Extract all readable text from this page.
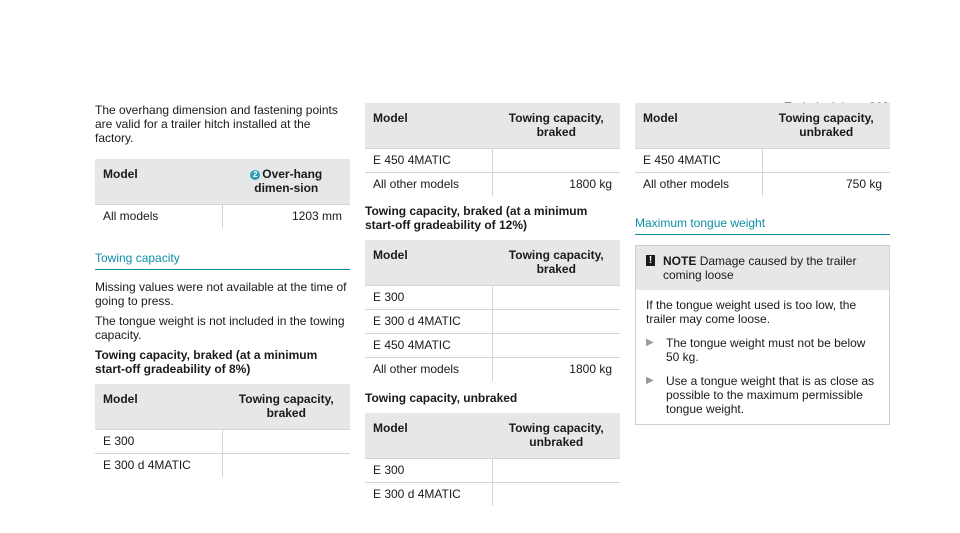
The overhang dimension and fastening points are valid for a trailer hitch installed at the factory.

Model	2 Over-hang dimen-sion
All models	1203 mm
Towing capacity

Missing values were not available at the time of going to press.

The tongue weight is not included in the towing capacity.

Towing capacity, braked (at a minimum start-off gradeability of 8%)
Model	Towing capacity, braked
E 300	
E 300 d 4MATIC	
Model	Towing capacity, braked
E 450 4MATIC	
All other models	1800 kg
Towing capacity, braked (at a minimum start-off gradeability of 12%)
Model	Towing capacity, braked
E 300	
E 300 d 4MATIC	
E 450 4MATIC	
All other models	1800 kg
Towing capacity, unbraked
Model	Towing capacity, unbraked
E 300	
E 300 d 4MATIC	
Model	Towing capacity, unbraked
E 450 4MATIC	
All other models	750 kg
Maximum tongue weight
! NOTE Damage caused by the trailer coming loose
If the tongue weight used is too low, the trailer may come loose.
▶	The tongue weight must not be below 50 kg.
▶	Use a tongue weight that is as close as possible to the maximum permissible tongue weight.
